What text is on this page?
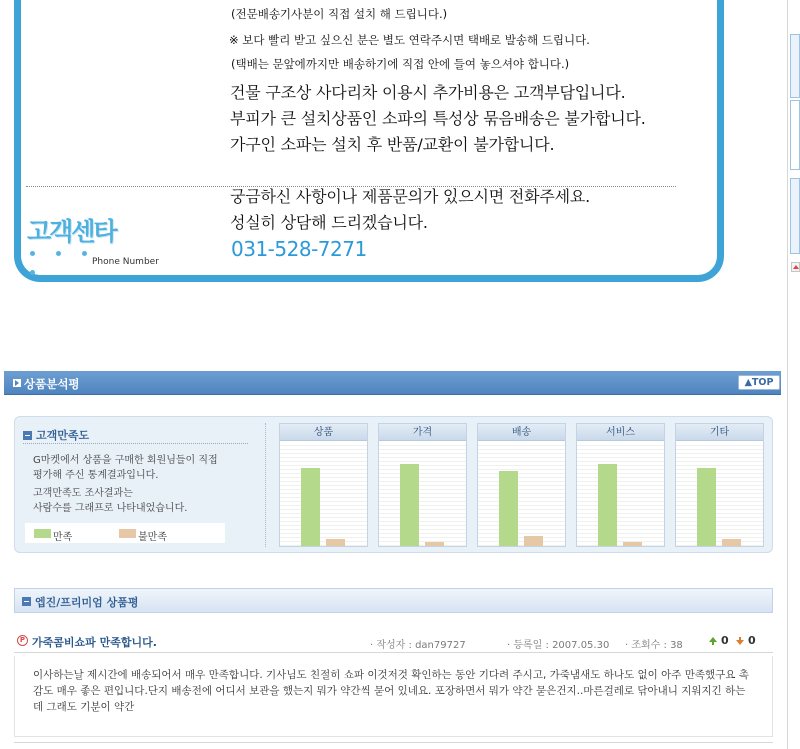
(전문배송기사분이 직접 설치 해 드립니다.)
※ 보다 빨리 받고 싶으신 분은 별도 연락주시면 택배로 발송해 드립니다.
(택배는 문앞에까지만 배송하기에 직접 안에 들여 놓으셔야 합니다.)
건물 구조상 사다리차 이용시 추가비용은 고객부담입니다.
부피가 큰 설치상품인 소파의 특성상 묶음배송은 불가합니다.
가구인 소파는 설치 후 반품/교환이 불가합니다.
고객센타
Phone Number
궁금하신 사항이나 제품문의가 있으시면 전화주세요.
성실히 상담해 드리겠습니다.
031-528-7271
상품분석평	▲TOP
고객만족도
G마켓에서 상품을 구매한 회원님들이 직접
평가해 주신 통계결과입니다.
고객만족도 조사결과는
사람수를 그래프로 나타내었습니다.
만족	불만족
상품	가격	배송	서비스	기타
엡진/프리미엄 상품평
P 가죽콤비쇼파 만족합니다.	· 작성자 : dan79727	· 등록일 : 2007.05.30 · 조회수 : 38	0 0
이사하는날 제시간에 배송되어서 매우 만족합니다. 기사님도 친절히 쇼파 이것저것 확인하는 동안 기다려 주시고, 가죽냄새도 하나도 없이 아주 만족했구요 촉감도 매우 좋은 편입니다.단지 배송전에 어디서 보관을 했는지 뭐가 약간씩 묻어 있네요. 포장하면서 뭐가 약간 묻은건지..마른걸레로 닦아내니 지워지긴 하는데 그래도 기분이 약간
